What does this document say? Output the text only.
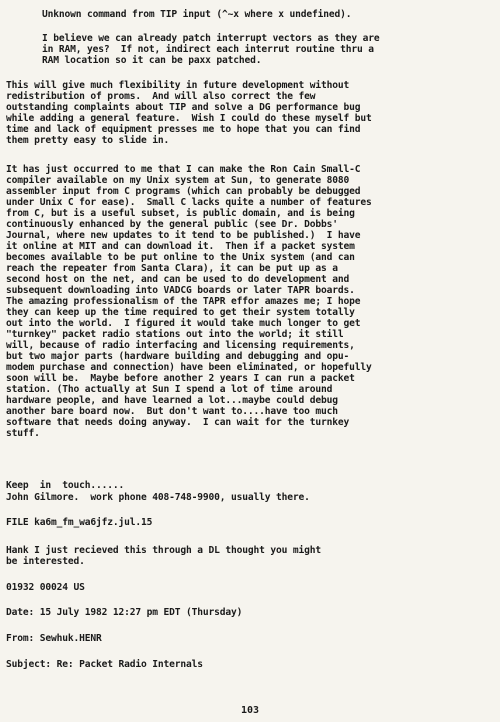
Unknown command from TIP input (^~x where x undefined).
I believe we can already patch interrupt vectors as they are
in RAM, yes?  If not, indirect each interrut routine thru a
RAM location so it can be paxx patched.
This will give much flexibility in future development without
redistribution of proms.  And will also correct the few
outstanding complaints about TIP and solve a DG performance bug
while adding a general feature.  Wish I could do these myself but
time and lack of equipment presses me to hope that you can find
them pretty easy to slide in.
It has just occurred to me that I can make the Ron Cain Small-C
compiler available on my Unix system at Sun, to generate 8080
assembler input from C programs (which can probably be debugged
under Unix C for ease).  Small C lacks quite a number of features
from C, but is a useful subset, is public domain, and is being
continuously enhanced by the general public (see Dr. Dobbs'
Journal, where new updates to it tend to be published.)  I have
it online at MIT and can download it.  Then if a packet system
becomes available to be put online to the Unix system (and can
reach the repeater from Santa Clara), it can be put up as a
second host on the net, and can be used to do development and
subsequent downloading into VADCG boards or later TAPR boards.
The amazing professionalism of the TAPR effor amazes me; I hope
they can keep up the time required to get their system totally
out into the world.  I figured it would take much longer to get
"turnkey" packet radio stations out into the world; it still
will, because of radio interfacing and licensing requirements,
but two major parts (hardware building and debugging and opu-
modem purchase and connection) have been eliminated, or hopefully
soon will be.  Maybe before another 2 years I can run a packet
station. (Tho actually at Sun I spend a lot of time around
hardware people, and have learned a lot...maybe could debug
another bare board now.  But don't want to....have too much
software that needs doing anyway.  I can wait for the turnkey
stuff.
Keep  in  touch......
John Gilmore.  work phone 408-748-9900, usually there.
FILE ka6m_fm_wa6jfz.jul.15
Hank I just recieved this through a DL thought you might
be interested.
01932 00024 US
Date: 15 July 1982 12:27 pm EDT (Thursday)
From: Sewhuk.HENR
Subject: Re: Packet Radio Internals
103
